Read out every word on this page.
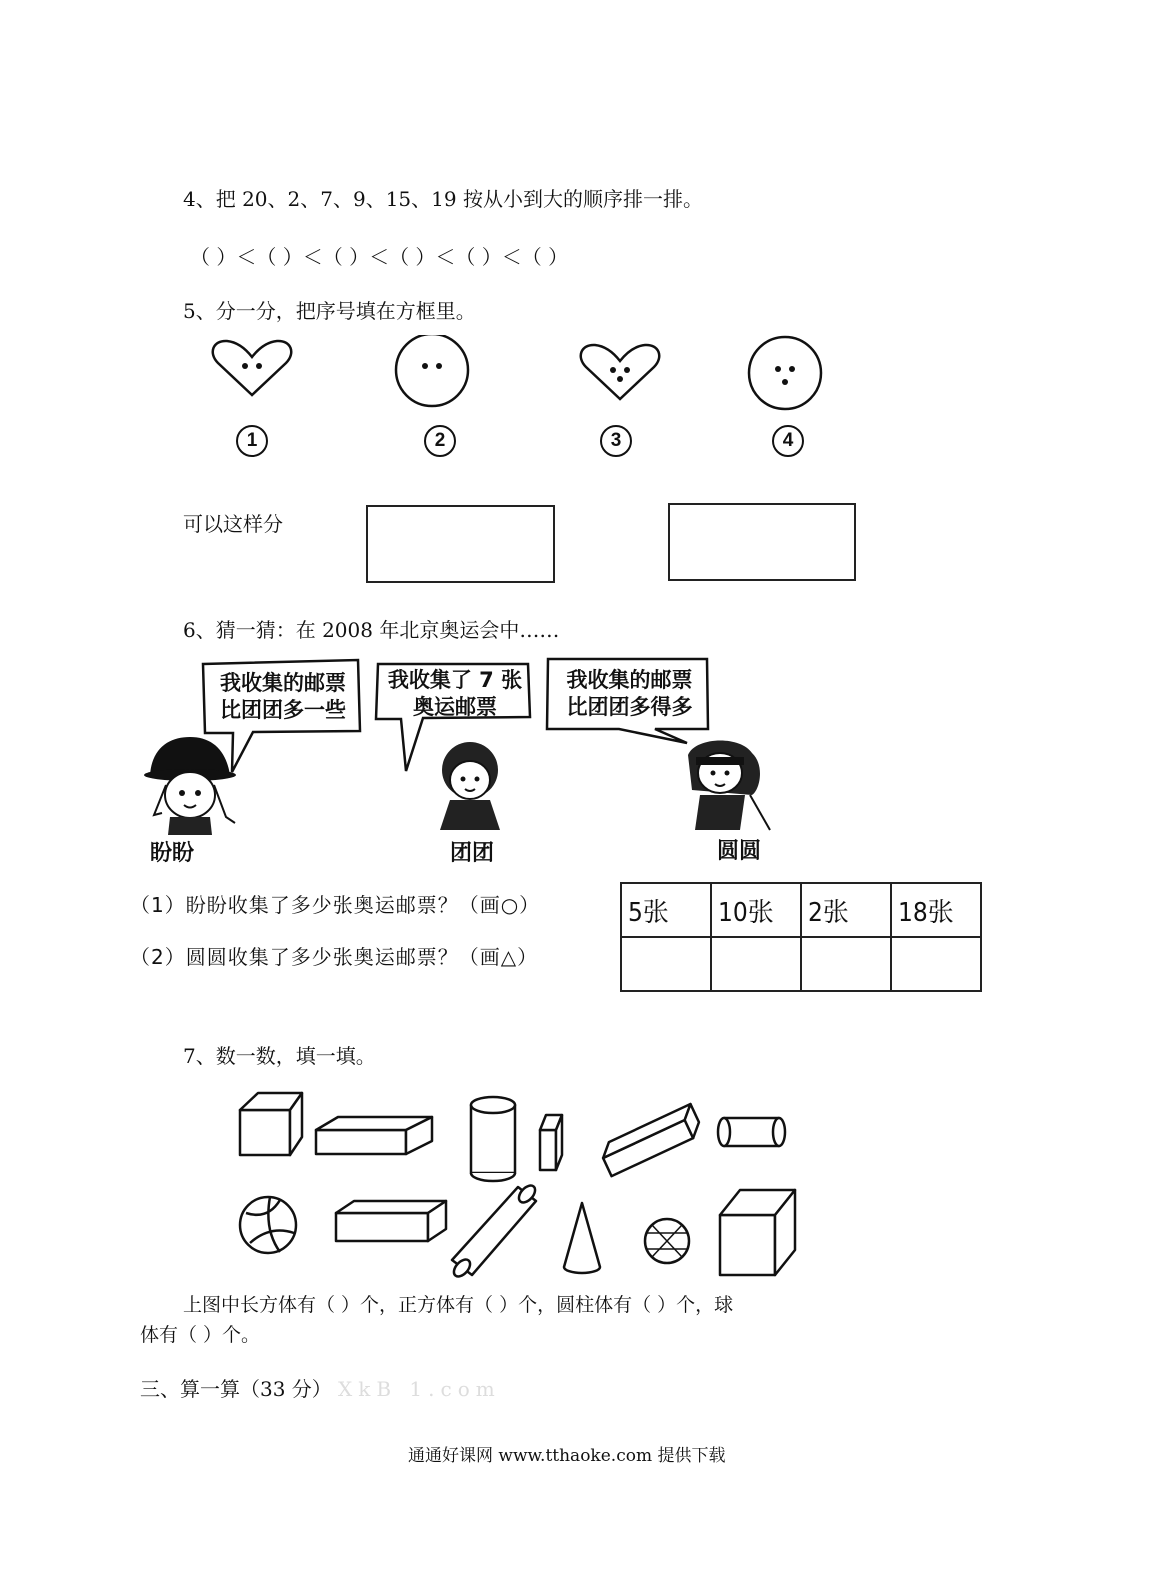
4、把 20、2、7、9、15、19 按从小到大的顺序排一排。
（ ）＜（ ）＜（ ）＜（ ）＜（ ）＜（ ）
5、分一分，把序号填在方框里。
1	2	3	4
可以这样分
6、猜一猜：在 2008 年北京奥运会中……
我收集的邮票
比团团多一些
我收集了 7 张
奥运邮票
我收集的邮票
比团团多得多
盼盼	团团	圆圆
（1）盼盼收集了多少张奥运邮票？（画○）
（2）圆圆收集了多少张奥运邮票？（画△）
5张	10张	2张	18张

7、数一数，填一填。
上图中长方体有（ ）个，正方体有（ ）个，圆柱体有（ ）个，球
体有（ ）个。
三、算一算（33 分） XkB 1.com
通通好课网 www.tthaoke.com 提供下载
